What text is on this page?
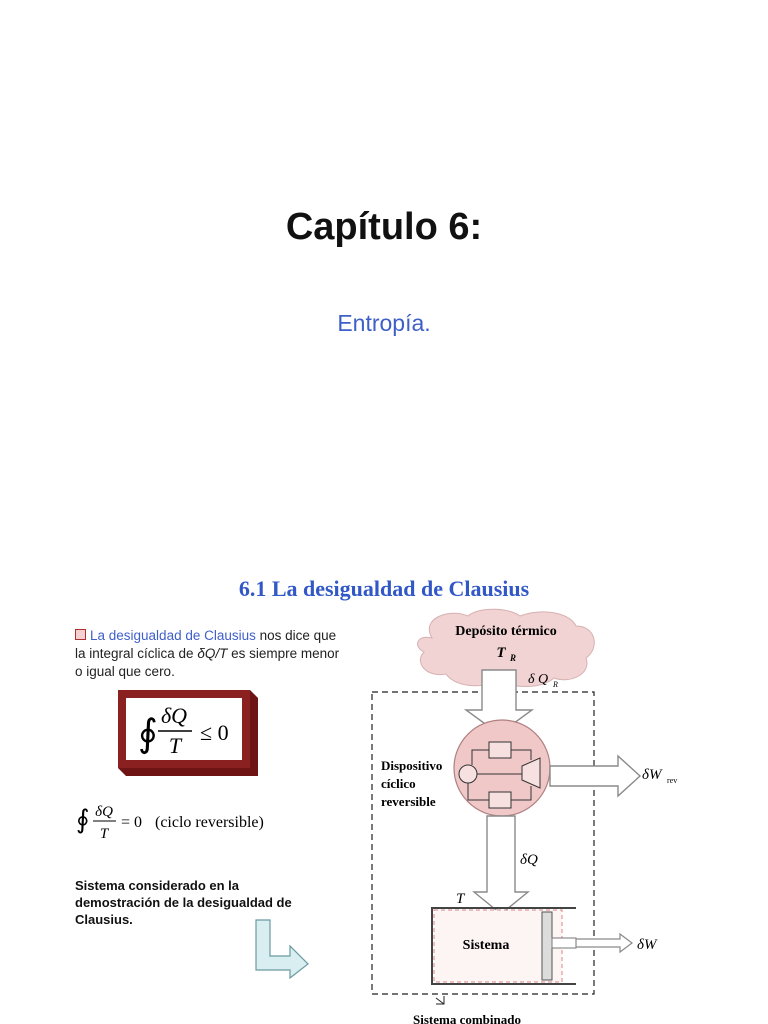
Capítulo 6:
Entropía.
6.1 La desigualdad de Clausius
La desigualdad de Clausius nos dice que la integral cíclica de δQ/T es siempre menor o igual que cero.
∮ δQ
T
≤ 0
∮ δQ
T
= 0 (ciclo reversible)
Sistema considerado en la demostración de la desigualdad de Clausius.
Depósito térmico
T R
δ Q R
Dispositivo
cíclico
reversible
δW rev
δQ
T
Sistema	δW
Sistema combinado
